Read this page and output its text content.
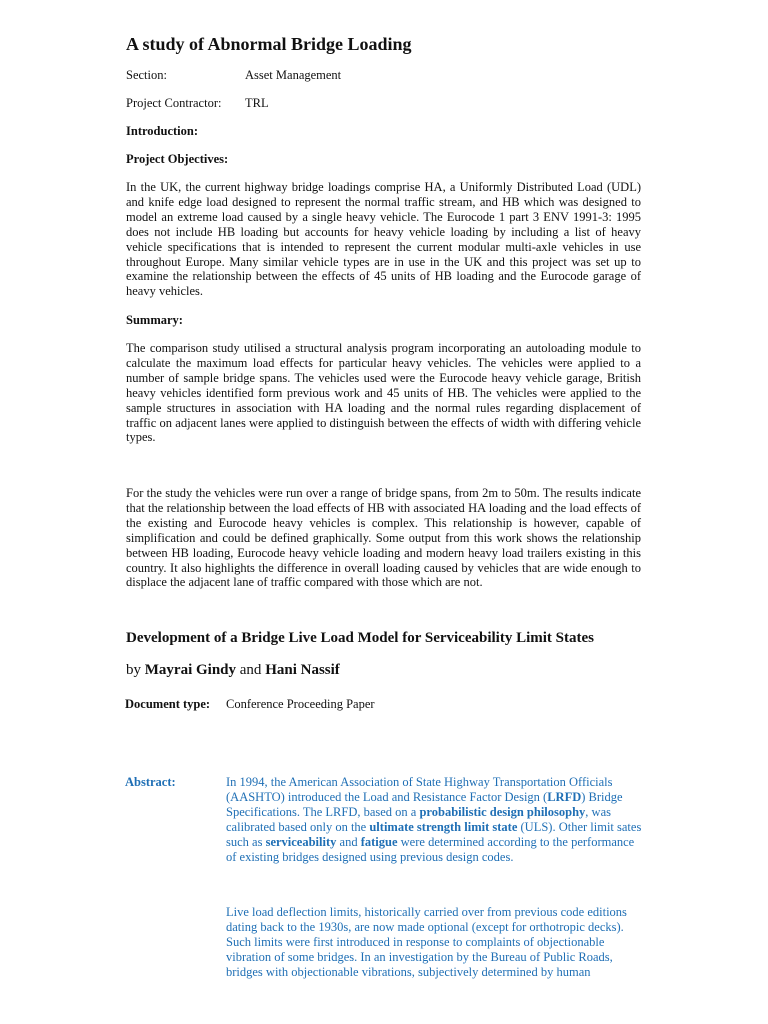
A study of Abnormal Bridge Loading
Section:	Asset Management
Project Contractor: TRL
Introduction:
Project Objectives:

In the UK, the current highway bridge loadings comprise HA, a Uniformly Distributed Load (UDL) and knife edge load designed to represent the normal traffic stream, and HB which was designed to model an extreme load caused by a single heavy vehicle. The Eurocode 1 part 3 ENV 1991-3: 1995 does not include HB loading but accounts for heavy vehicle loading by including a list of heavy vehicle specifications that is intended to represent the current modular multi-axle vehicles in use throughout Europe. Many similar vehicle types are in use in the UK and this project was set up to examine the relationship between the effects of 45 units of HB loading and the Eurocode garage of heavy vehicles.

Summary:

The comparison study utilised a structural analysis program incorporating an autoloading module to calculate the maximum load effects for particular heavy vehicles. The vehicles were applied to a number of sample bridge spans. The vehicles used were the Eurocode heavy vehicle garage, British heavy vehicles identified form previous work and 45 units of HB. The vehicles were applied to the sample structures in association with HA loading and the normal rules regarding displacement of traffic on adjacent lanes were applied to distinguish between the effects of width with differing vehicle types.

For the study the vehicles were run over a range of bridge spans, from 2m to 50m. The results indicate that the relationship between the load effects of HB with associated HA loading and the load effects of the existing and Eurocode heavy vehicles is complex. This relationship is however, capable of simplification and could be defined graphically. Some output from this work shows the relationship between HB loading, Eurocode heavy vehicle loading and modern heavy load trailers existing in this country. It also highlights the difference in overall loading caused by vehicles that are wide enough to displace the adjacent lane of traffic compared with those which are not.

Development of a Bridge Live Load Model for Serviceability Limit States
by Mayrai Gindy and Hani Nassif
Document type: Conference Proceeding Paper
Abstract:	In 1994, the American Association of State Highway Transportation Officials (AASHTO) introduced the Load and Resistance Factor Design (LRFD) Bridge Specifications. The LRFD, based on a probabilistic design philosophy, was calibrated based only on the ultimate strength limit state (ULS). Other limit sates such as serviceability and fatigue were determined according to the performance of existing bridges designed using previous design codes.

Live load deflection limits, historically carried over from previous code editions dating back to the 1930s, are now made optional (except for orthotropic decks). Such limits were first introduced in response to complaints of objectionable vibration of some bridges. In an investigation by the Bureau of Public Roads, bridges with objectionable vibrations, subjectively determined by human
